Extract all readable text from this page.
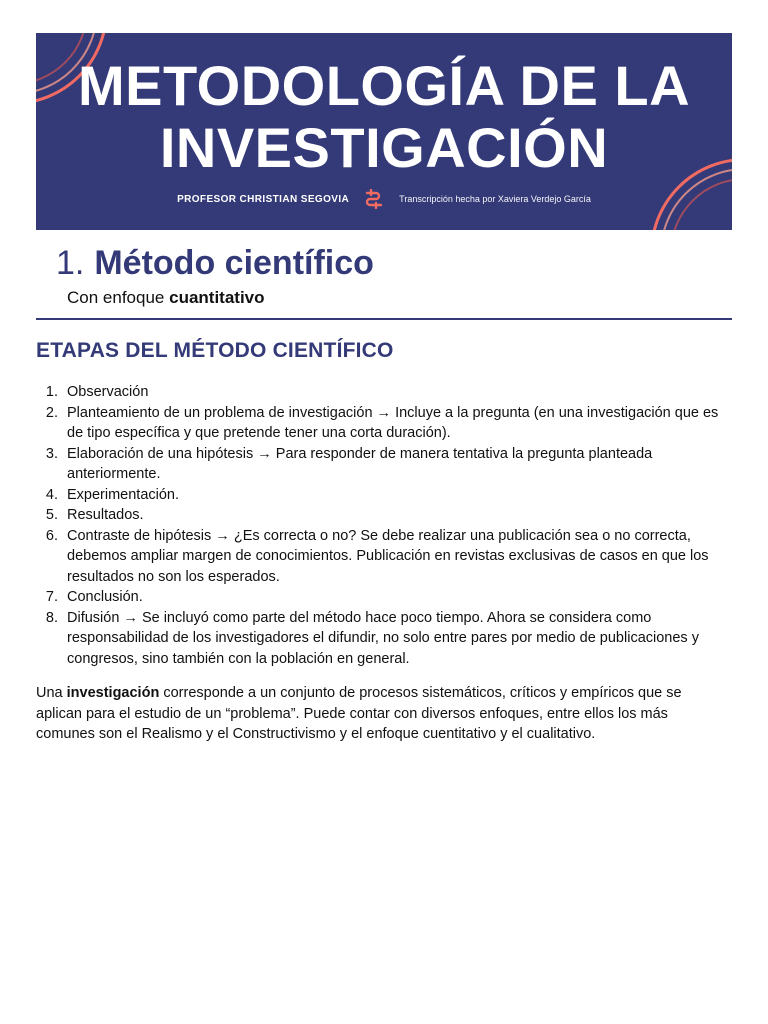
METODOLOGÍA DE LA
INVESTIGACIÓN
PROFESOR CHRISTIAN SEGOVIA	Transcripción hecha por Xaviera Verdejo García
1. Método científico
Con enfoque cuantitativo
ETAPAS DEL MÉTODO CIENTÍFICO
1. Observación
2. Planteamiento de un problema de investigación → Incluye a la pregunta (en una investigación que es de tipo específica y que pretende tener una corta duración).
3. Elaboración de una hipótesis → Para responder de manera tentativa la pregunta planteada anteriormente.
4. Experimentación.
5. Resultados.
6. Contraste de hipótesis → ¿Es correcta o no? Se debe realizar una publicación sea o no correcta, debemos ampliar margen de conocimientos. Publicación en revistas exclusivas de casos en que los resultados no son los esperados.
7. Conclusión.
8. Difusión → Se incluyó como parte del método hace poco tiempo. Ahora se considera como responsabilidad de los investigadores el difundir, no solo entre pares por medio de publicaciones y congresos, sino también con la población en general.

Una investigación corresponde a un conjunto de procesos sistemáticos, críticos y empíricos que se aplican para el estudio de un “problema”. Puede contar con diversos enfoques, entre ellos los más comunes son el Realismo y el Constructivismo y el enfoque cuentitativo y el cualitativo.
